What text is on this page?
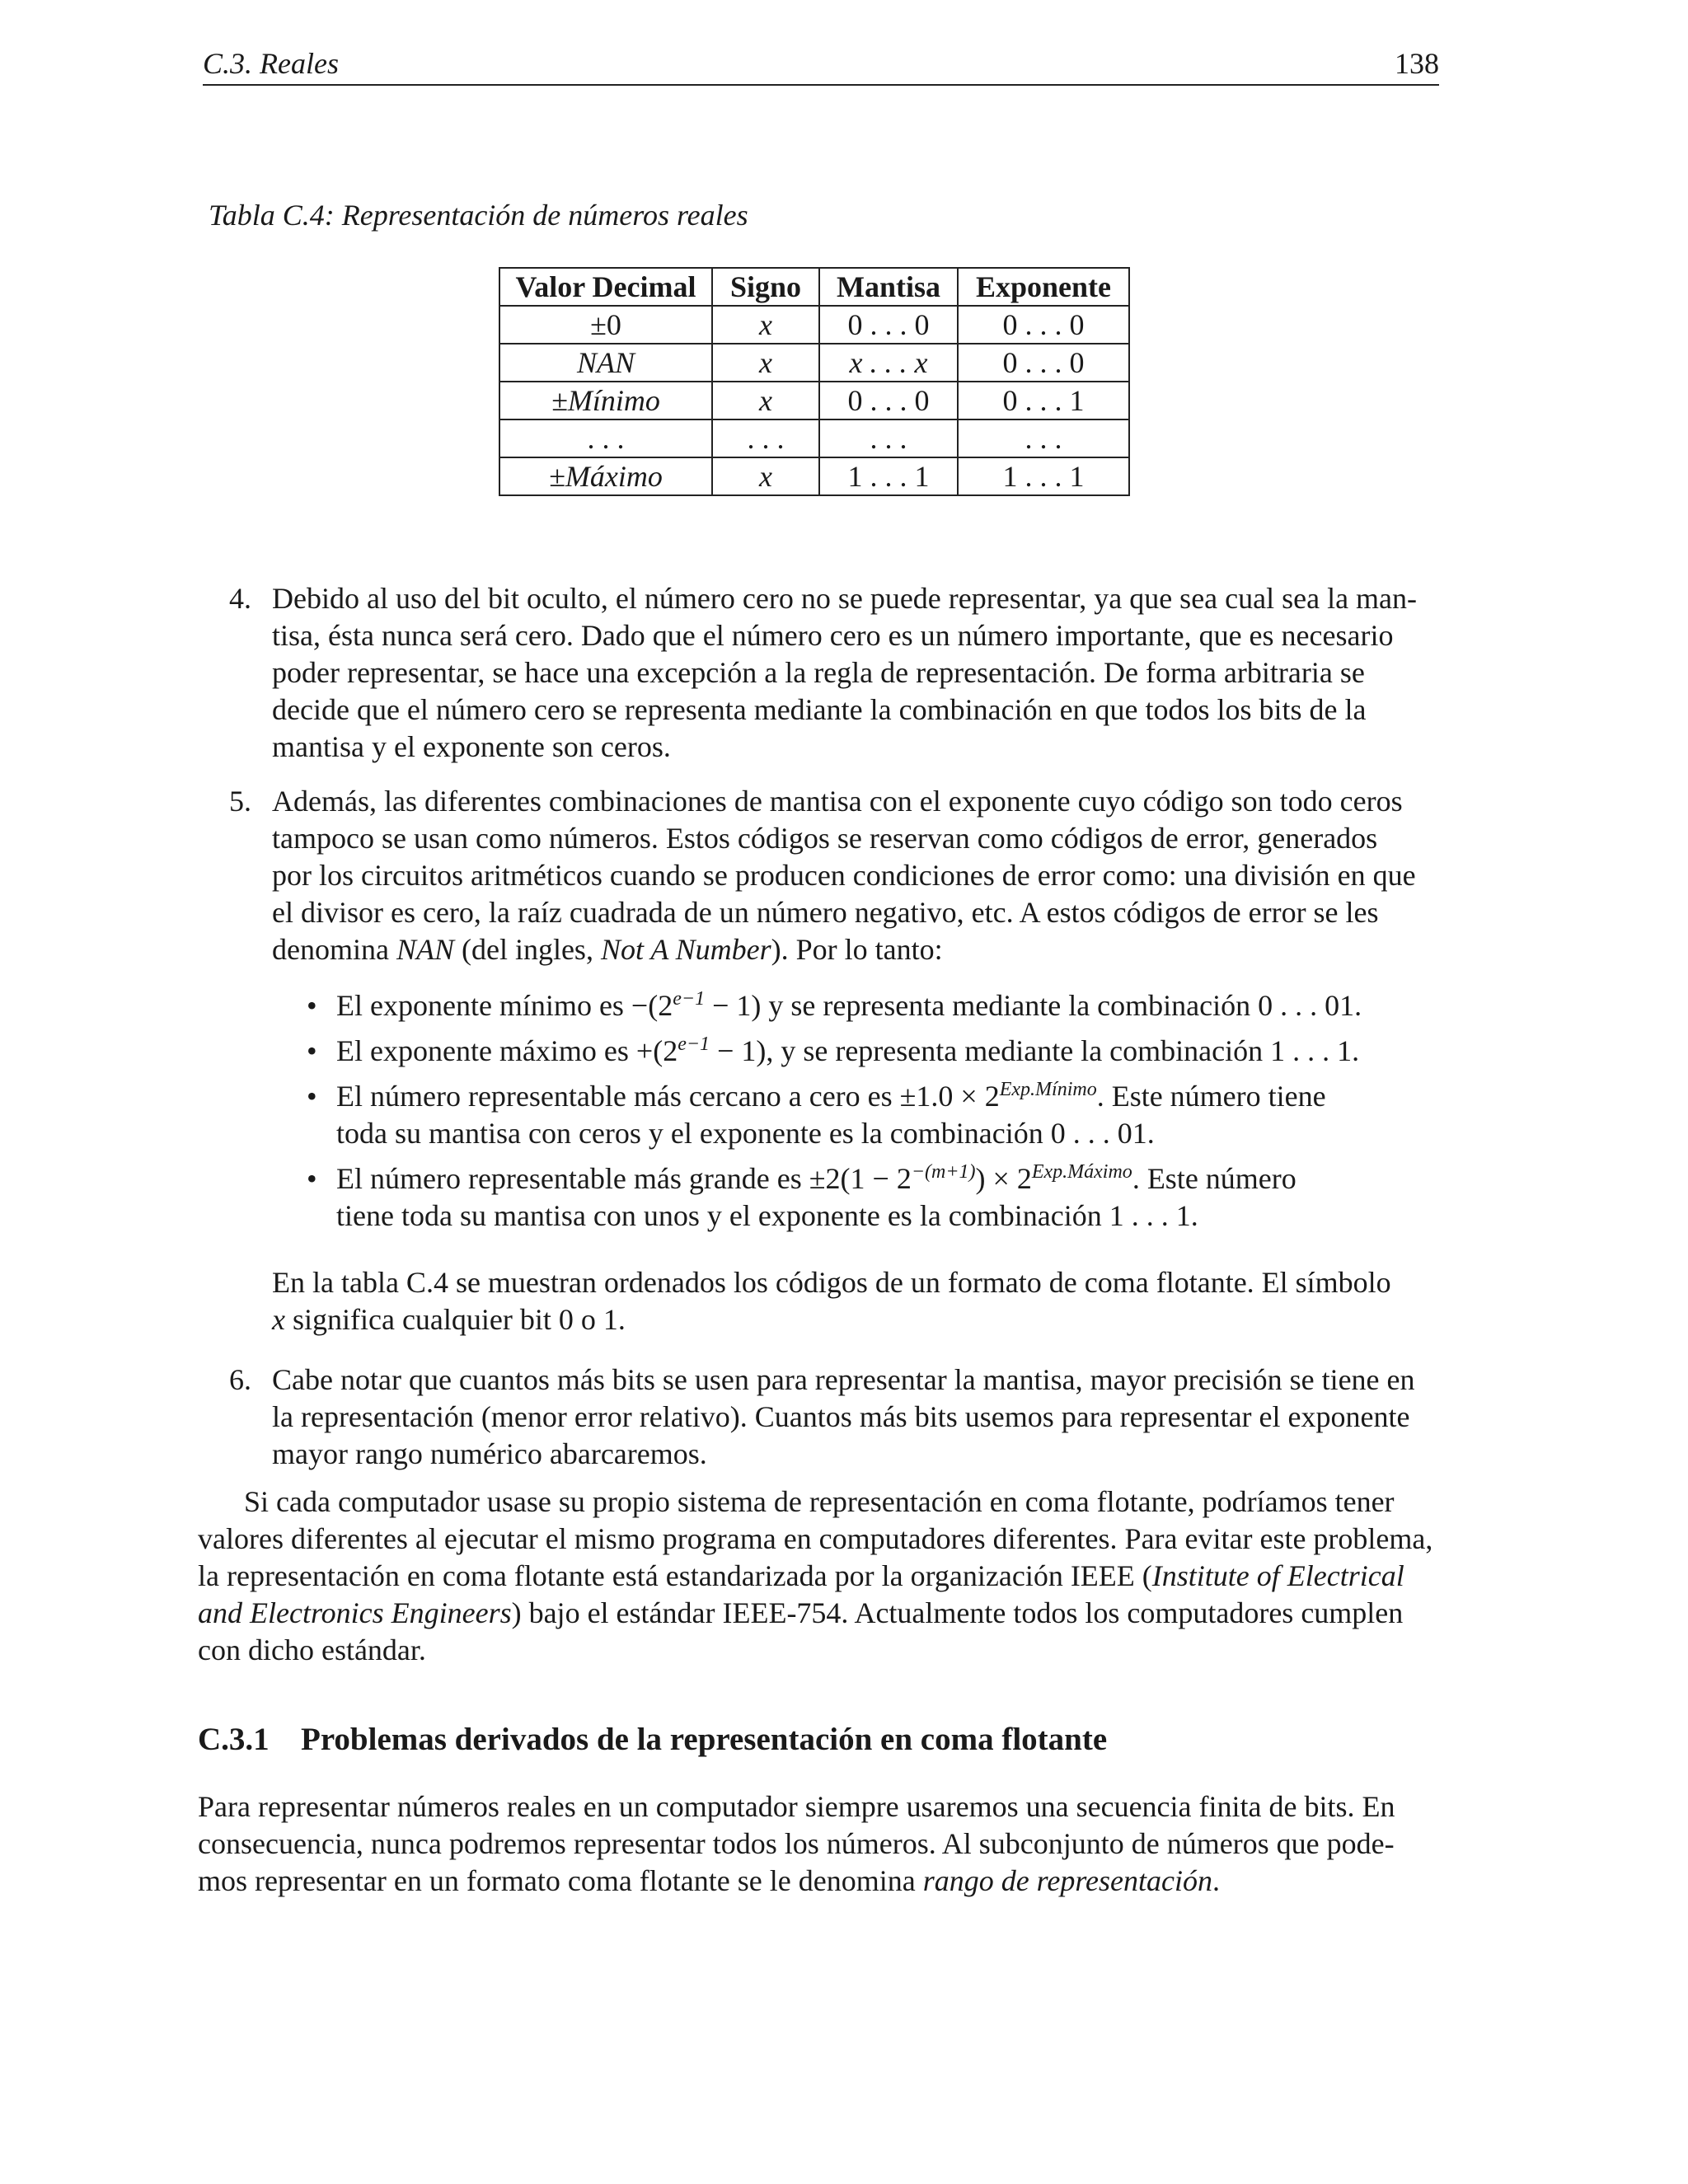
C.3. Reales	138
Tabla C.4: Representación de números reales
Valor Decimal	Signo	Mantisa	Exponente
±0	x	0 . . . 0	0 . . . 0
NAN	x	x . . . x	0 . . . 0
±Mínimo	x	0 . . . 0	0 . . . 1
. . .	. . .	. . .	. . .
±Máximo	x	1 . . . 1	1 . . . 1
4. Debido al uso del bit oculto, el número cero no se puede representar, ya que sea cual sea la man-
tisa, ésta nunca será cero. Dado que el número cero es un número importante, que es necesario
poder representar, se hace una excepción a la regla de representación. De forma arbitraria se
decide que el número cero se representa mediante la combinación en que todos los bits de la
mantisa y el exponente son ceros.
5. Además, las diferentes combinaciones de mantisa con el exponente cuyo código son todo ceros
tampoco se usan como números. Estos códigos se reservan como códigos de error, generados
por los circuitos aritméticos cuando se producen condiciones de error como: una división en que
el divisor es cero, la raíz cuadrada de un número negativo, etc. A estos códigos de error se les
denomina NAN (del ingles, Not A Number). Por lo tanto:
• El exponente mínimo es $-(2^{e-1} - 1)$ y se representa mediante la combinación 0 . . . 01.
• El exponente máximo es $+(2^{e-1} - 1)$, y se representa mediante la combinación 1 . . . 1.
• El número representable más cercano a cero es $\pm 1.0 \times 2^{Exp.Mínimo}$. Este número tiene
toda su mantisa con ceros y el exponente es la combinación 0 . . . 01.
• El número representable más grande es $\pm 2(1 - 2^{-(m+1)}) \times 2^{Exp.Máximo}$. Este número
tiene toda su mantisa con unos y el exponente es la combinación 1 . . . 1.
En la tabla C.4 se muestran ordenados los códigos de un formato de coma flotante. El símbolo
x significa cualquier bit 0 o 1.
6. Cabe notar que cuantos más bits se usen para representar la mantisa, mayor precisión se tiene en
la representación (menor error relativo). Cuantos más bits usemos para representar el exponente
mayor rango numérico abarcaremos.
Si cada computador usase su propio sistema de representación en coma flotante, podríamos tener
valores diferentes al ejecutar el mismo programa en computadores diferentes. Para evitar este problema,
la representación en coma flotante está estandarizada por la organización IEEE (Institute of Electrical
and Electronics Engineers) bajo el estándar IEEE-754. Actualmente todos los computadores cumplen
con dicho estándar.
C.3.1 Problemas derivados de la representación en coma flotante
Para representar números reales en un computador siempre usaremos una secuencia finita de bits. En
consecuencia, nunca podremos representar todos los números. Al subconjunto de números que pode-
mos representar en un formato coma flotante se le denomina rango de representación.
